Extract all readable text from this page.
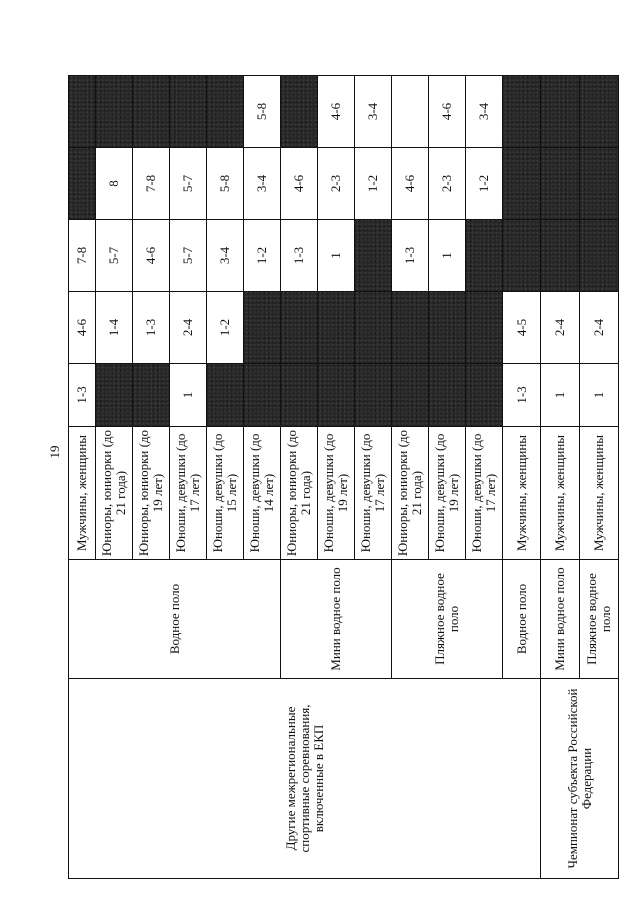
19
Другие межрегиональные спортивные соревнования, включенные в ЕКП	Водное поло	Мужчины, женщины	1-3	4-6	7-8		
		Юниоры, юниорки (до 21 года)		1-4	5-7	8	
		Юниоры, юниорки (до 19 лет)		1-3	4-6	7-8	
		Юноши, девушки (до 17 лет)	1	2-4	5-7	5-7	
		Юноши, девушки (до 15 лет)		1-2	3-4	5-8	
		Юноши, девушки (до 14 лет)			1-2	3-4	5-8
	Мини водное поло	Юниоры, юниорки (до 21 года)			1-3	4-6	
		Юноши, девушки (до 19 лет)			1	2-3	4-6
		Юноши, девушки (до 17 лет)				1-2	3-4
	Пляжное водное поло	Юниоры, юниорки (до 21 года)			1-3	4-6	
		Юноши, девушки (до 19 лет)			1	2-3	4-6
		Юноши, девушки (до 17 лет)				1-2	3-4
	Водное поло	Мужчины, женщины	1-3	4-5			
Чемпионат субъекта Российской Федерации	Мини водное поло	Мужчины, женщины	1	2-4			
	Пляжное водное поло	Мужчины, женщины	1	2-4			
